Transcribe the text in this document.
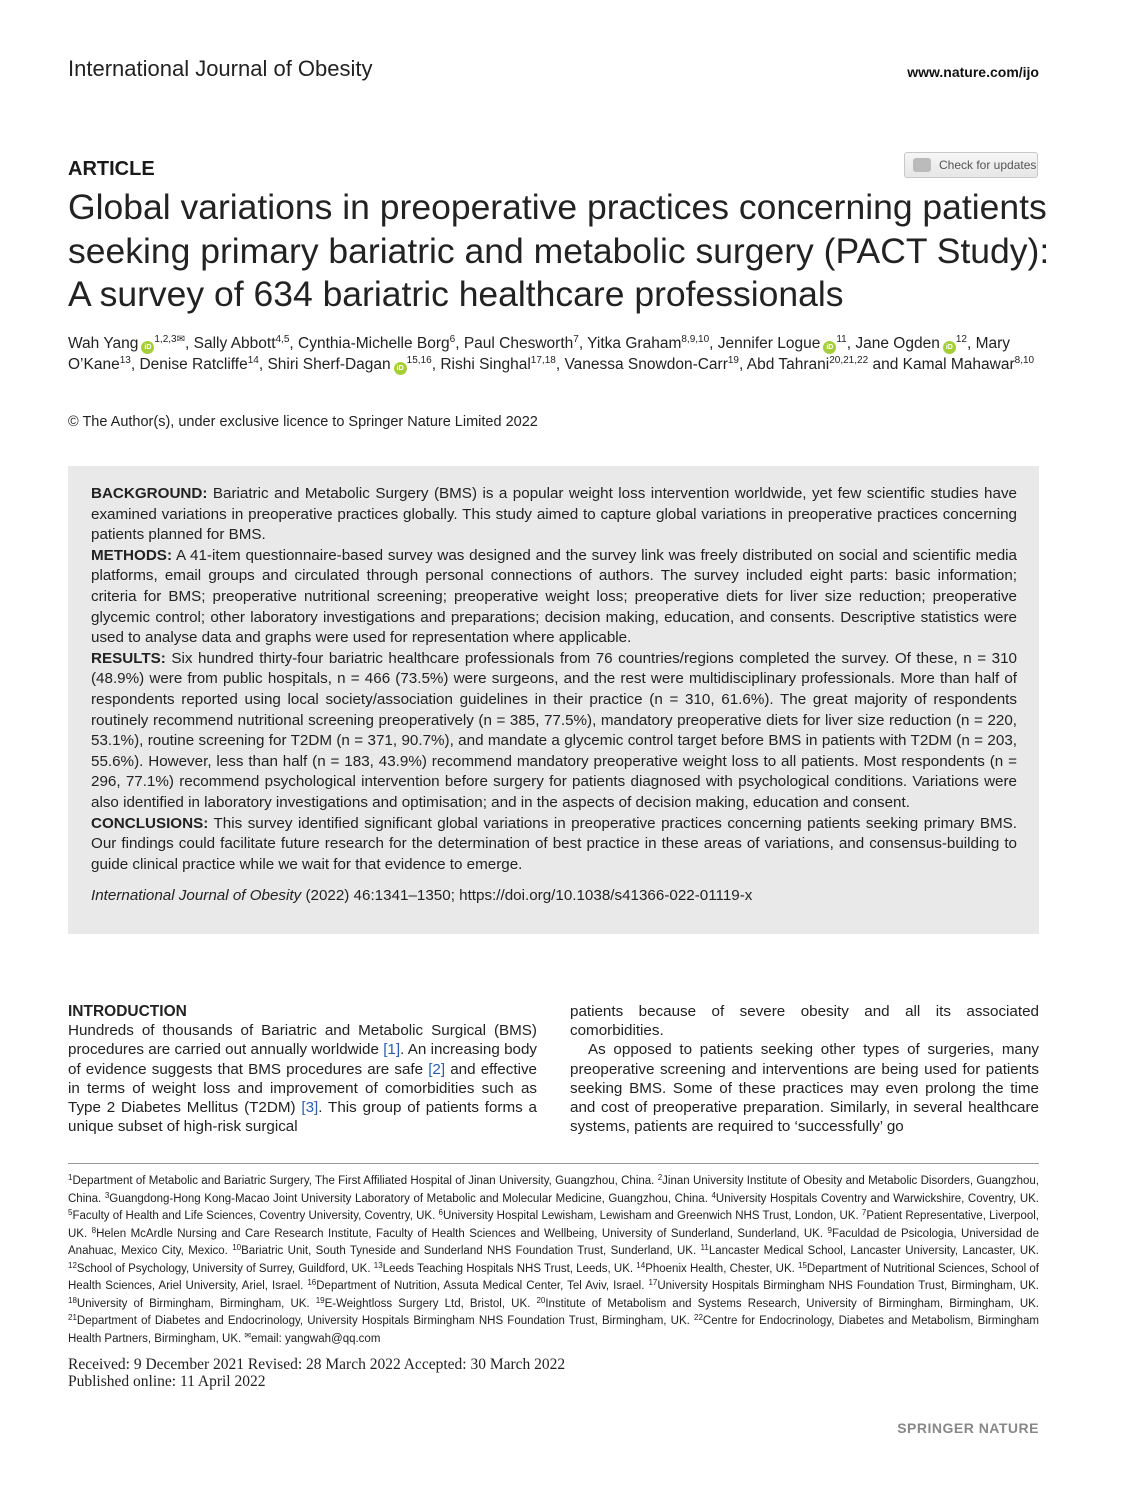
International Journal of Obesity	www.nature.com/ijo
ARTICLE	Check for updates
Global variations in preoperative practices concerning patients seeking primary bariatric and metabolic surgery (PACT Study): A survey of 634 bariatric healthcare professionals
Wah Yang $iD^{1,2,3✉}$, Sally Abbott$^{4,5}$, Cynthia-Michelle Borg$^6$, Paul Chesworth$^7$, Yitka Graham$^{8,9,10}$, Jennifer Logue $iD^{11}$, Jane Ogden $iD^{12}$, Mary O’Kane$^{13}$, Denise Ratcliffe$^{14}$, Shiri Sherf-Dagan iD$^{15,16}$, Rishi Singhal$^{17,18}$, Vanessa Snowdon-Carr$^{19}$, Abd Tahrani$^{20,21,22}$ and Kamal Mahawar$^{8,10}$
© The Author(s), under exclusive licence to Springer Nature Limited 2022

BACKGROUND: Bariatric and Metabolic Surgery (BMS) is a popular weight loss intervention worldwide, yet few scientific studies have examined variations in preoperative practices globally. This study aimed to capture global variations in preoperative practices concerning patients planned for BMS.

METHODS: A 41-item questionnaire-based survey was designed and the survey link was freely distributed on social and scientific media platforms, email groups and circulated through personal connections of authors. The survey included eight parts: basic information; criteria for BMS; preoperative nutritional screening; preoperative weight loss; preoperative diets for liver size reduction; preoperative glycemic control; other laboratory investigations and preparations; decision making, education, and consents. Descriptive statistics were used to analyse data and graphs were used for representation where applicable.

RESULTS: Six hundred thirty-four bariatric healthcare professionals from 76 countries/regions completed the survey. Of these, n = 310 (48.9%) were from public hospitals, n = 466 (73.5%) were surgeons, and the rest were multidisciplinary professionals. More than half of respondents reported using local society/association guidelines in their practice (n = 310, 61.6%). The great majority of respondents routinely recommend nutritional screening preoperatively (n = 385, 77.5%), mandatory preoperative diets for liver size reduction (n = 220, 53.1%), routine screening for T2DM (n = 371, 90.7%), and mandate a glycemic control target before BMS in patients with T2DM (n = 203, 55.6%). However, less than half (n = 183, 43.9%) recommend mandatory preoperative weight loss to all patients. Most respondents (n = 296, 77.1%) recommend psychological intervention before surgery for patients diagnosed with psychological conditions. Variations were also identified in laboratory investigations and optimisation; and in the aspects of decision making, education and consent.

CONCLUSIONS: This survey identified significant global variations in preoperative practices concerning patients seeking primary BMS. Our findings could facilitate future research for the determination of best practice in these areas of variations, and consensus-building to guide clinical practice while we wait for that evidence to emerge.

International Journal of Obesity (2022) 46:1341–1350; https://doi.org/10.1038/s41366-022-01119-x

INTRODUCTION

Hundreds of thousands of Bariatric and Metabolic Surgical (BMS) procedures are carried out annually worldwide [1]. An increasing body of evidence suggests that BMS procedures are safe [2] and effective in terms of weight loss and improvement of comorbidities such as Type 2 Diabetes Mellitus (T2DM) [3]. This group of patients forms a unique subset of high-risk surgical

patients because of severe obesity and all its associated comorbidities.

As opposed to patients seeking other types of surgeries, many preoperative screening and interventions are being used for patients seeking BMS. Some of these practices may even prolong the time and cost of preoperative preparation. Similarly, in several healthcare systems, patients are required to ‘successfully’ go

$^1$Department of Metabolic and Bariatric Surgery, The First Affiliated Hospital of Jinan University, Guangzhou, China. $^2$Jinan University Institute of Obesity and Metabolic Disorders, Guangzhou, China. $^3$Guangdong-Hong Kong-Macao Joint University Laboratory of Metabolic and Molecular Medicine, Guangzhou, China. $^4$University Hospitals Coventry and Warwickshire, Coventry, UK. $^5$Faculty of Health and Life Sciences, Coventry University, Coventry, UK. $^6$University Hospital Lewisham, Lewisham and Greenwich NHS Trust, London, UK. $^7$Patient Representative, Liverpool, UK. $^8$Helen McArdle Nursing and Care Research Institute, Faculty of Health Sciences and Wellbeing, University of Sunderland, Sunderland, UK. $^9$Faculdad de Psicologia, Universidad de Anahuac, Mexico City, Mexico. $^{10}$Bariatric Unit, South Tyneside and Sunderland NHS Foundation Trust, Sunderland, UK. $^{11}$Lancaster Medical School, Lancaster University, Lancaster, UK. $^{12}$School of Psychology, University of Surrey, Guildford, UK. $^{13}$Leeds Teaching Hospitals NHS Trust, Leeds, UK. $^{14}$Phoenix Health, Chester, UK. $^{15}$Department of Nutritional Sciences, School of Health Sciences, Ariel University, Ariel, Israel. $^{16}$Department of Nutrition, Assuta Medical Center, Tel Aviv, Israel. $^{17}$University Hospitals Birmingham NHS Foundation Trust, Birmingham, UK. $^{18}$University of Birmingham, Birmingham, UK. $^{19}$E-Weightloss Surgery Ltd, Bristol, UK. $^{20}$Institute of Metabolism and Systems Research, University of Birmingham, Birmingham, UK. $^{21}$Department of Diabetes and Endocrinology, University Hospitals Birmingham NHS Foundation Trust, Birmingham, UK. $^{22}$Centre for Endocrinology, Diabetes and Metabolism, Birmingham Health Partners, Birmingham, UK. ✉email: yangwah@qq.com
Received: 9 December 2021 Revised: 28 March 2022 Accepted: 30 March 2022
Published online: 11 April 2022
SPRINGER NATURE
